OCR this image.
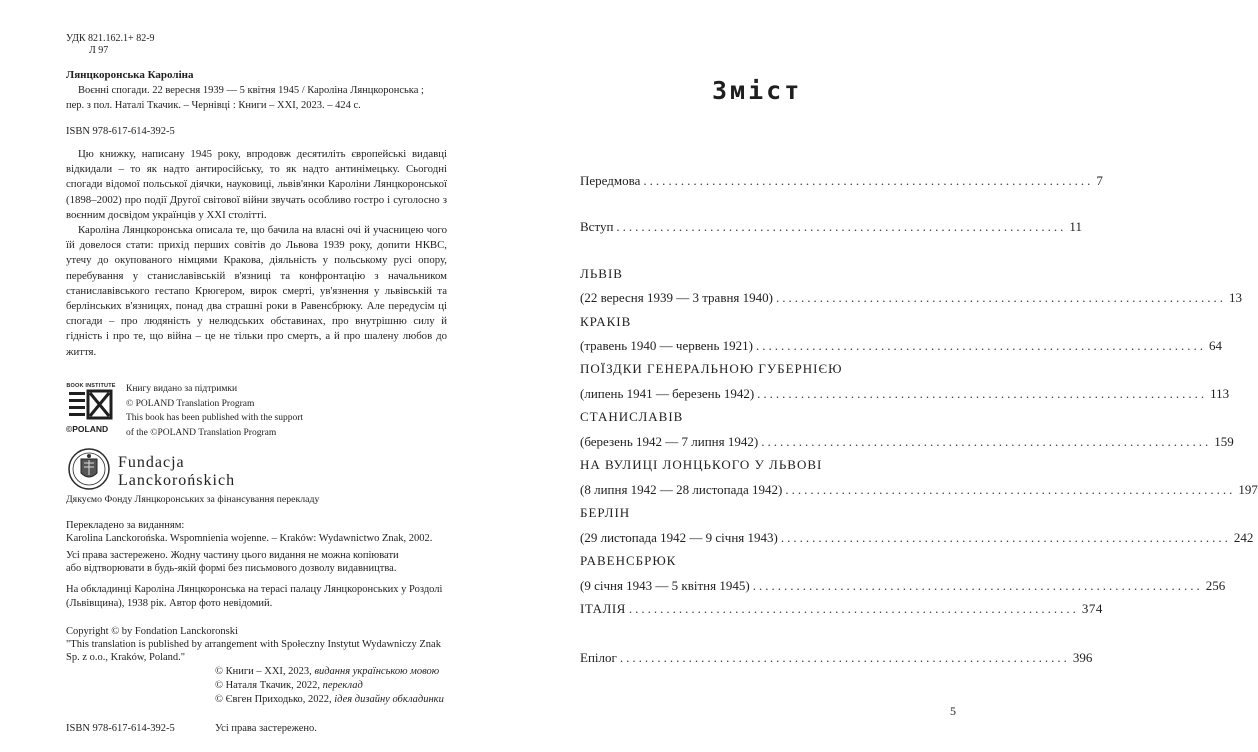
УДК 821.162.1+ 82-9
Л 97
Лянцкоронська Кароліна
Воєнні спогади. 22 вересня 1939 — 5 квітня 1945 / Кароліна Лянцкоронська ;
пер. з пол. Наталі Ткачик. – Чернівці : Книги – XXI, 2023. – 424 с.
ISBN 978-617-614-392-5

Цю книжку, написану 1945 року, впродовж десятиліть європейські видавці відкидали – то як надто антиросійську, то як надто антинімецьку. Сьогодні спогади відомої польської діячки, науковиці, львів'янки Кароліни Лянцкоронської (1898–2002) про події Другої світової війни звучать особливо гостро і суголосно з воєнним досвідом українців у XXI столітті.

Кароліна Лянцкоронська описала те, що бачила на власні очі й учасницею чого їй довелося стати: прихід перших совітів до Львова 1939 року, допити НКВС, утечу до окупованого німцями Кракова, діяльність у польському русі опору, перебування у станиславівській в'язниці та конфронтацію з начальником станиславівського гестапо Крюгером, вирок смерті, ув'язнення у львівській та берлінських в'язницях, понад два страшні роки в Равенсбрюку. Але передусім ці спогади – про людяність у нелюдських обставинах, про внутрішню силу й гідність і про те, що війна – це не тільки про смерть, а й про шалену любов до життя.

BOOK INSTITUTE
©POLAND
Книгу видано за підтримки
© POLAND Translation Program
This book has been published with the support
of the ©POLAND Translation Program
Fundacja
Lanckorońskich
Дякуємо Фонду Лянцкоронських за фінансування перекладу
Перекладено за виданням:
Karolina Lanckorońska. Wspomnienia wojenne. – Kraków: Wydawnictwo Znak, 2002.
Усі права застережено. Жодну частину цього видання не можна копіювати
або відтворювати в будь-якій формі без письмового дозволу видавництва.
На обкладинці Кароліна Лянцкоронська на терасі палацу Лянцкоронських у Роздолі
(Львівщина), 1938 рік. Автор фото невідомий.
Copyright © by Fondation Lanckoronski
"This translation is published by arrangement with Społeczny Instytut Wydawniczy Znak
Sp. z o.o., Kraków, Poland."
© Книги – XXI, 2023, видання українською мовою
© Наталя Ткачик, 2022, переклад
© Євген Приходько, 2022, ідея дизайну обкладинки
ISBN 978-617-614-392-5	Усі права застережено.
Зміст
Передмова ........................................................................ 7
Вступ ........................................................................ 11
ЛЬВІВ
(22 вересня 1939 — 3 травня 1940) ........................................................................ 13
КРАКІВ
(травень 1940 — червень 1921) ........................................................................ 64
ПОЇЗДКИ ГЕНЕРАЛЬНОЮ ГУБЕРНІЄЮ
(липень 1941 — березень 1942) ........................................................................ 113
СТАНИСЛАВІВ
(березень 1942 — 7 липня 1942) ........................................................................ 159
НА ВУЛИЦІ ЛОНЦЬКОГО У ЛЬВОВІ
(8 липня 1942 — 28 листопада 1942) ........................................................................ 197
БЕРЛІН
(29 листопада 1942 — 9 січня 1943) ........................................................................ 242
РАВЕНСБРЮК
(9 січня 1943 — 5 квітня 1945) ........................................................................ 256
ІТАЛІЯ ........................................................................ 374
Епілог ........................................................................ 396
5
